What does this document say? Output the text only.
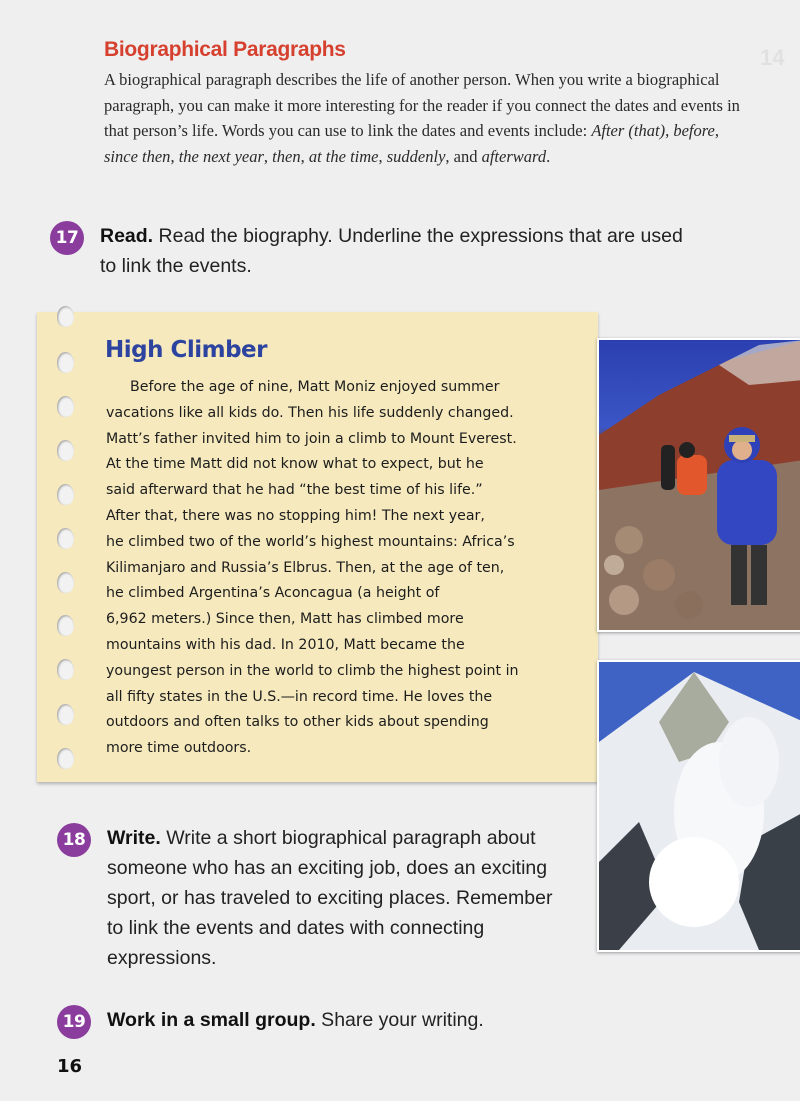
14
Biographical Paragraphs
A biographical paragraph describes the life of another person. When you write a biographical paragraph, you can make it more interesting for the reader if you connect the dates and events in that person’s life. Words you can use to link the dates and events include: After (that), before, since then, the next year, then, at the time, suddenly, and afterward.
17 Read. Read the biography. Underline the expressions that are used to link the events.
High Climber
Before the age of nine, Matt Moniz enjoyed summer
vacations like all kids do. Then his life suddenly changed.
Matt’s father invited him to join a climb to Mount Everest.
At the time Matt did not know what to expect, but he
said afterward that he had “the best time of his life.”
After that, there was no stopping him! The next year,
he climbed two of the world’s highest mountains: Africa’s
Kilimanjaro and Russia’s Elbrus. Then, at the age of ten,
he climbed Argentina’s Aconcagua (a height of
6,962 meters.) Since then, Matt has climbed more
mountains with his dad. In 2010, Matt became the
youngest person in the world to climb the highest point in
all fifty states in the U.S.—in record time. He loves the
outdoors and often talks to other kids about spending
more time outdoors.
18 Write. Write a short biographical paragraph about someone who has an exciting job, does an exciting sport, or has traveled to exciting places. Remember to link the events and dates with connecting expressions.
19 Work in a small group. Share your writing.
16
